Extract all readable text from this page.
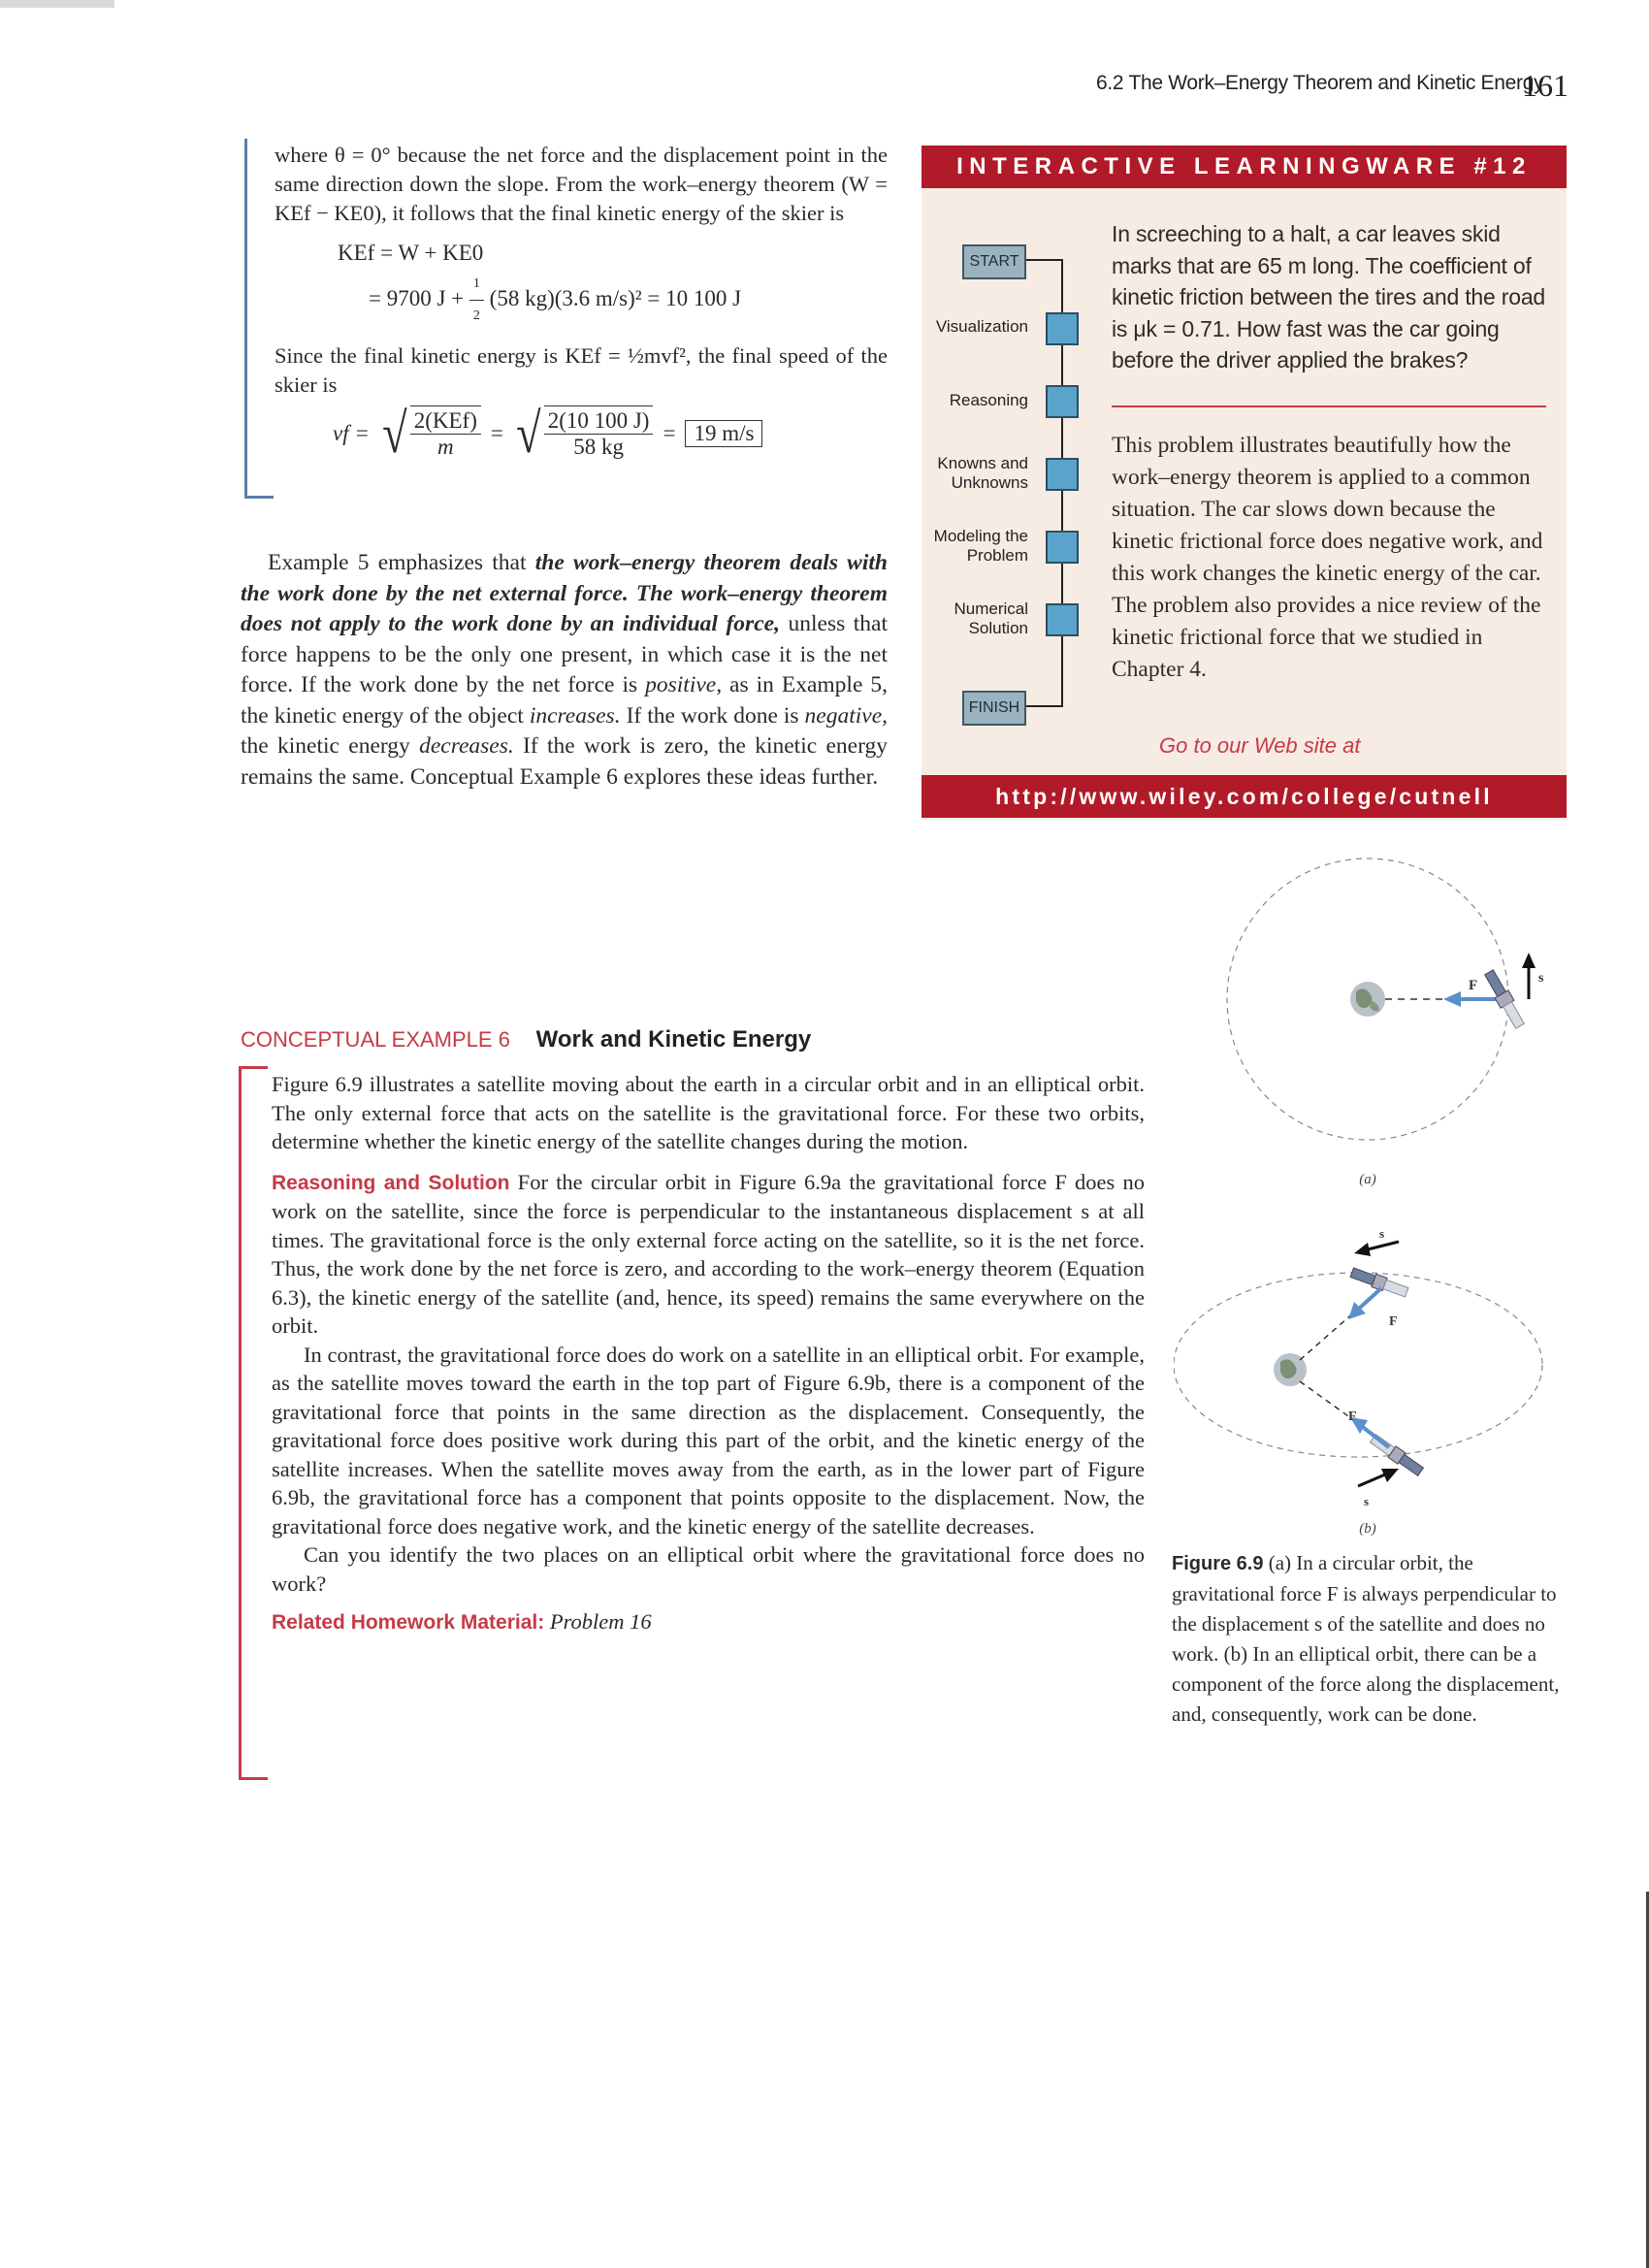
6.2 The Work–Energy Theorem and Kinetic Energy
161

where θ = 0° because the net force and the displacement point in the same direction down the slope. From the work–energy theorem (W = KEf − KE0), it follows that the final kinetic energy of the skier is

KEf = W + KE0
= 9700 $J + \frac{1}{2} (58$ kg)(3.6 m/s)² = 10 100 J

Since the final kinetic energy is KEf = ½mvf², the final speed of the skier is

vf = √ $\frac{\text{2(KEf)}}{m}$ = √ $\frac{2(10 100 J)}{58 kg} = 19$ m/s

Example 5 emphasizes that the work–energy theorem deals with the work done by the net external force. The work–energy theorem does not apply to the work done by an individual force, unless that force happens to be the only one present, in which case it is the net force. If the work done by the net force is positive, as in Example 5, the kinetic energy of the object increases. If the work done is negative, the kinetic energy decreases. If the work is zero, the kinetic energy remains the same. Conceptual Example 6 explores these ideas further.

INTERACTIVE LEARNINGWARE #12
START
FINISH
Visualization
Reasoning
Knowns and Unknowns
Modeling the Problem
Numerical Solution
In screeching to a halt, a car leaves skid marks that are 65 m long. The coefficient of kinetic friction between the tires and the road is μk = 0.71. How fast was the car going before the driver applied the brakes?
This problem illustrates beautifully how the work–energy theorem is applied to a common situation. The car slows down because the kinetic frictional force does negative work, and this work changes the kinetic energy of the car. The problem also provides a nice review of the kinetic frictional force that we studied in Chapter 4.
Go to our Web site at
http://www.wiley.com/college/cutnell
CONCEPTUAL EXAMPLE 6 Work and Kinetic Energy

Figure 6.9 illustrates a satellite moving about the earth in a circular orbit and in an elliptical orbit. The only external force that acts on the satellite is the gravitational force. For these two orbits, determine whether the kinetic energy of the satellite changes during the motion.

Reasoning and Solution For the circular orbit in Figure 6.9a the gravitational force F does no work on the satellite, since the force is perpendicular to the instantaneous displacement s at all times. The gravitational force is the only external force acting on the satellite, so it is the net force. Thus, the work done by the net force is zero, and according to the work–energy theorem (Equation 6.3), the kinetic energy of the satellite (and, hence, its speed) remains the same everywhere on the orbit.

In contrast, the gravitational force does do work on a satellite in an elliptical orbit. For example, as the satellite moves toward the earth in the top part of Figure 6.9b, there is a component of the gravitational force that points in the same direction as the displacement. Consequently, the gravitational force does positive work during this part of the orbit, and the kinetic energy of the satellite increases. When the satellite moves away from the earth, as in the lower part of Figure 6.9b, the gravitational force has a component that points opposite to the displacement. Now, the gravitational force does negative work, and the kinetic energy of the satellite decreases.

Can you identify the two places on an elliptical orbit where the gravitational force does no work?

Related Homework Material: Problem 16

F	s
(a)
F
s
F
s
(b)
Figure 6.9 (a) In a circular orbit, the gravitational force F is always perpendicular to the displacement s of the satellite and does no work. (b) In an elliptical orbit, there can be a component of the force along the displacement, and, consequently, work can be done.
